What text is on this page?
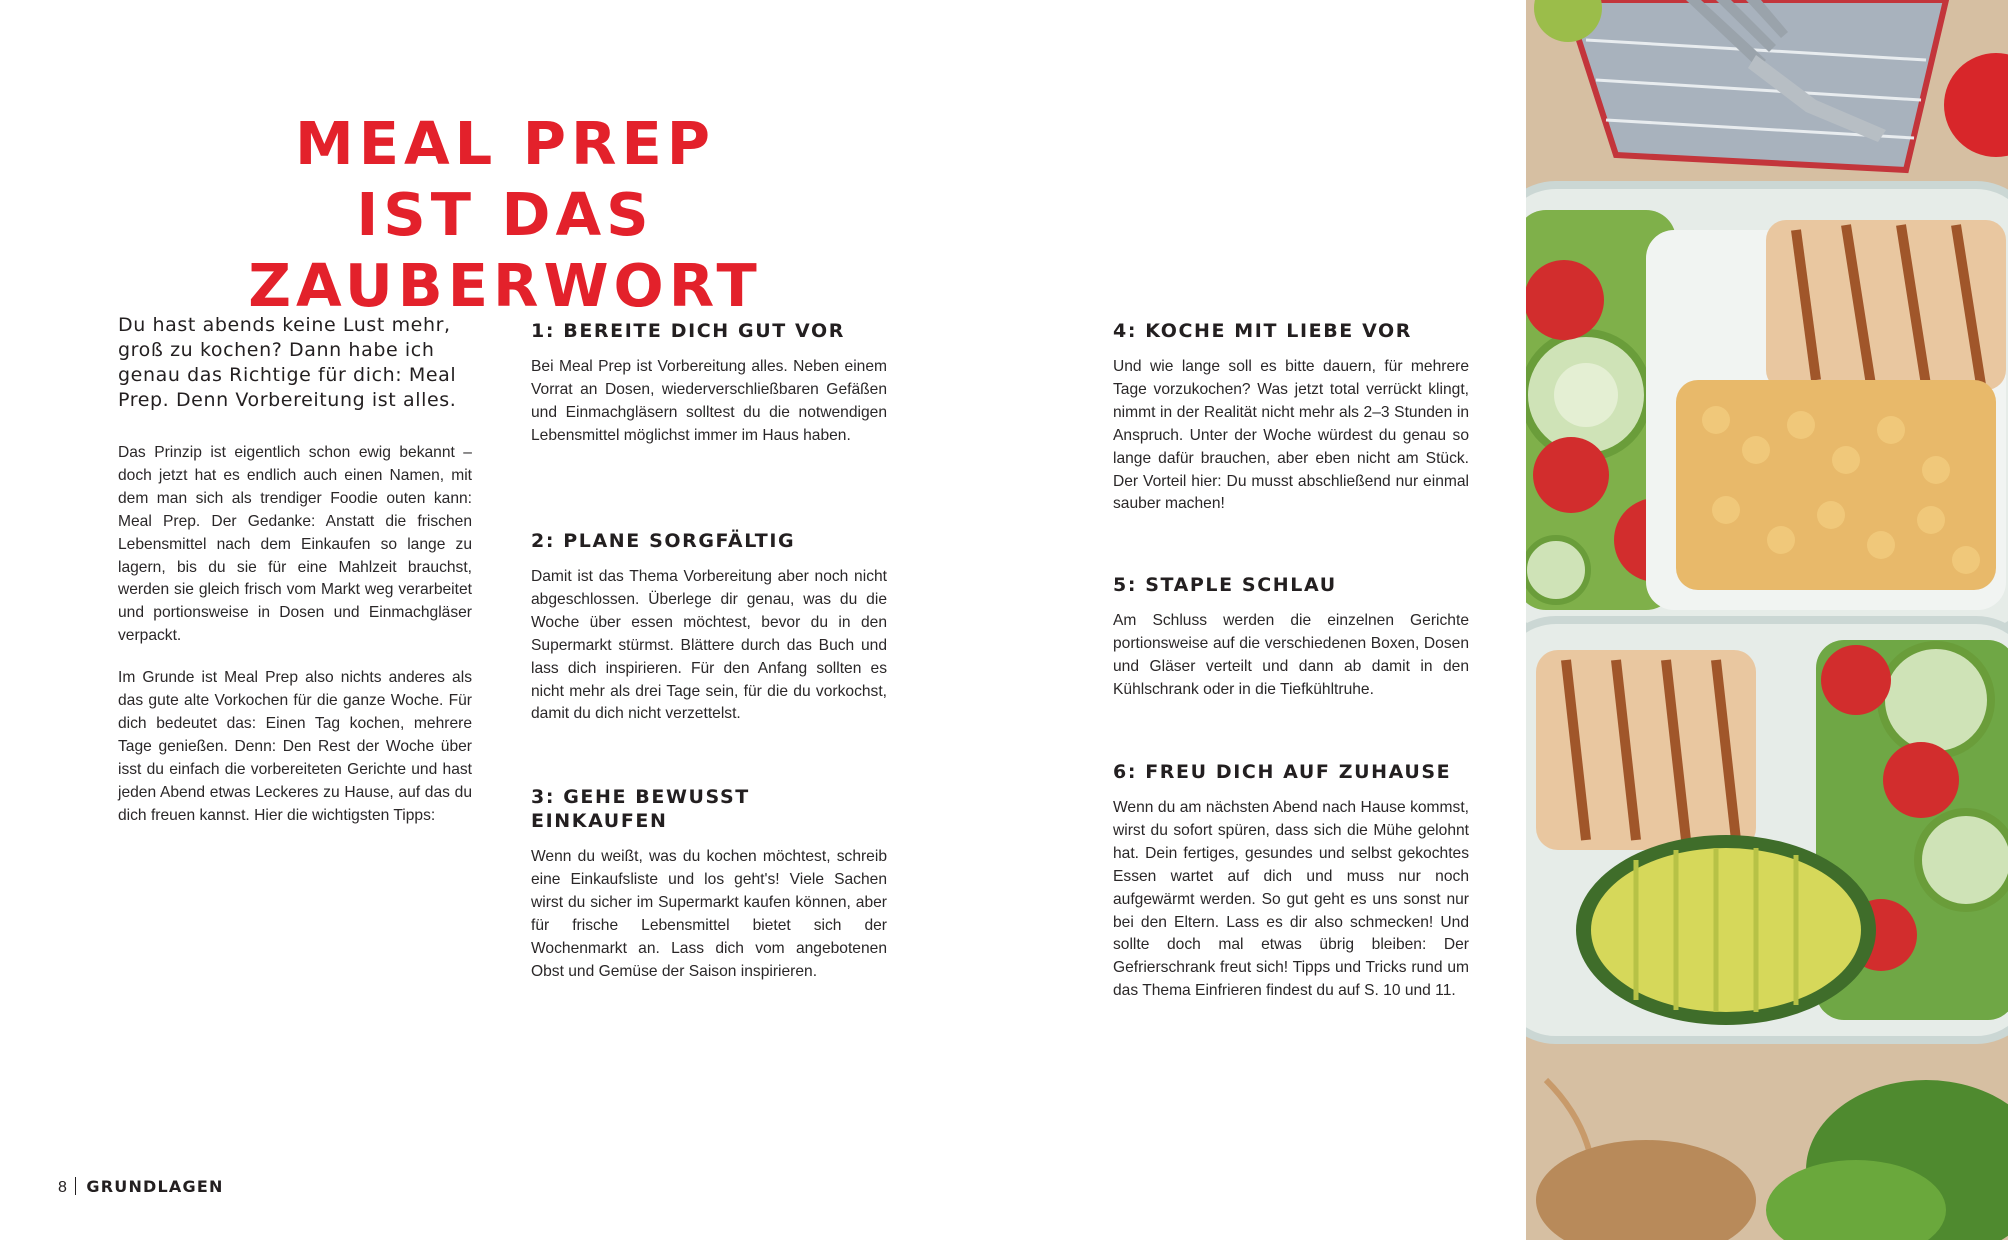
MEAL PREP
IST DAS ZAUBERWORT

Du hast abends keine Lust mehr, groß zu kochen? Dann habe ich genau das Richtige für dich: Meal Prep. Denn Vorbereitung ist alles.

Das Prinzip ist eigentlich schon ewig bekannt – doch jetzt hat es endlich auch einen Namen, mit dem man sich als trendiger Foodie outen kann: Meal Prep. Der Gedanke: Anstatt die frischen Lebensmittel nach dem Einkaufen so lange zu lagern, bis du sie für eine Mahlzeit brauchst, werden sie gleich frisch vom Markt weg verarbeitet und portionsweise in Dosen und Einmachgläser verpackt.

Im Grunde ist Meal Prep also nichts anderes als das gute alte Vorkochen für die ganze Woche. Für dich bedeutet das: Einen Tag kochen, mehrere Tage genießen. Denn: Den Rest der Woche über isst du einfach die vorbereiteten Gerichte und hast jeden Abend etwas Leckeres zu Hause, auf das du dich freuen kannst. Hier die wichtigsten Tipps:

1: BEREITE DICH GUT VOR

Bei Meal Prep ist Vorbereitung alles. Neben einem Vorrat an Dosen, wiederverschließbaren Gefäßen und Einmachgläsern solltest du die notwendigen Lebensmittel möglichst immer im Haus haben.

2: PLANE SORGFÄLTIG

Damit ist das Thema Vorbereitung aber noch nicht abgeschlossen. Überlege dir genau, was du die Woche über essen möchtest, bevor du in den Supermarkt stürmst. Blättere durch das Buch und lass dich inspirieren. Für den Anfang sollten es nicht mehr als drei Tage sein, für die du vorkochst, damit du dich nicht verzettelst.

3: GEHE BEWUSST EINKAUFEN

Wenn du weißt, was du kochen möchtest, schreib eine Einkaufsliste und los geht's! Viele Sachen wirst du sicher im Supermarkt kaufen können, aber für frische Lebensmittel bietet sich der Wochenmarkt an. Lass dich vom angebotenen Obst und Gemüse der Saison inspirieren.

4: KOCHE MIT LIEBE VOR

Und wie lange soll es bitte dauern, für mehrere Tage vorzukochen? Was jetzt total verrückt klingt, nimmt in der Realität nicht mehr als 2–3 Stunden in Anspruch. Unter der Woche würdest du genau so lange dafür brauchen, aber eben nicht am Stück. Der Vorteil hier: Du musst abschließend nur einmal sauber machen!

5: STAPLE SCHLAU

Am Schluss werden die einzelnen Gerichte portionsweise auf die verschiedenen Boxen, Dosen und Gläser verteilt und dann ab damit in den Kühlschrank oder in die Tiefkühltruhe.

6: FREU DICH AUF ZUHAUSE

Wenn du am nächsten Abend nach Hause kommst, wirst du sofort spüren, dass sich die Mühe gelohnt hat. Dein fertiges, gesundes und selbst gekochtes Essen wartet auf dich und muss nur noch aufgewärmt werden. So gut geht es uns sonst nur bei den Eltern. Lass es dir also schmecken! Und sollte doch mal etwas übrig bleiben: Der Gefrierschrank freut sich! Tipps und Tricks rund um das Thema Einfrieren findest du auf S. 10 und 11.

8 GRUNDLAGEN
